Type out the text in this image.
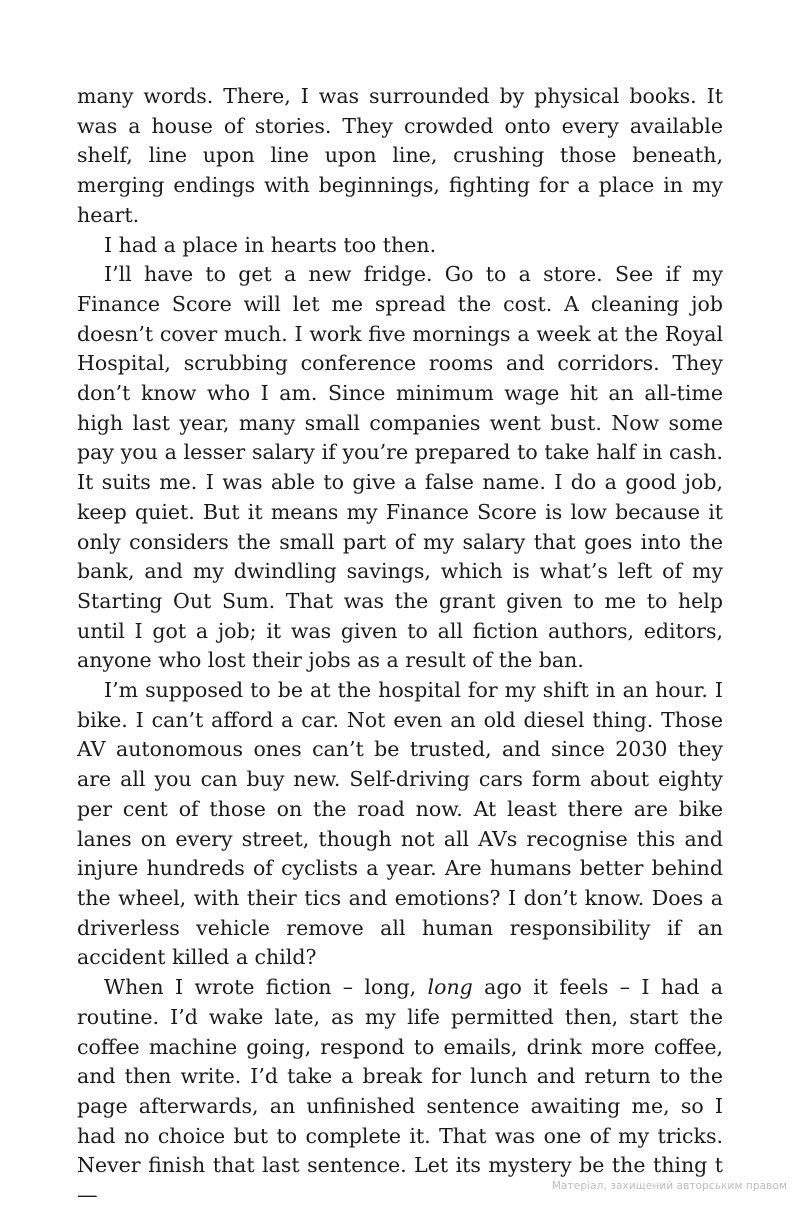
many words. There, I was surrounded by physical books. It was a house of stories. They crowded onto every available shelf, line upon line upon line, crushing those beneath, merging endings with beginnings, fighting for a place in my heart.

I had a place in hearts too then.

I’ll have to get a new fridge. Go to a store. See if my Finance Score will let me spread the cost. A cleaning job doesn’t cover much. I work five mornings a week at the Royal Hospital, scrubbing conference rooms and corridors. They don’t know who I am. Since minimum wage hit an all-time high last year, many small companies went bust. Now some pay you a lesser salary if you’re prepared to take half in cash. It suits me. I was able to give a false name. I do a good job, keep quiet. But it means my Finance Score is low because it only considers the small part of my salary that goes into the bank, and my dwindling savings, which is what’s left of my Starting Out Sum. That was the grant given to me to help until I got a job; it was given to all fiction authors, editors, anyone who lost their jobs as a result of the ban.

I’m supposed to be at the hospital for my shift in an hour. I bike. I can’t afford a car. Not even an old diesel thing. Those AV autonomous ones can’t be trusted, and since 2030 they are all you can buy new. Self-driving cars form about eighty per cent of those on the road now. At least there are bike lanes on every street, though not all AVs recognise this and injure hundreds of cyclists a year. Are humans better behind the wheel, with their tics and emotions? I don’t know. Does a driverless vehicle remove all human responsibility if an accident killed a child?

When I wrote fiction – long, long ago it feels – I had a routine. I’d wake late, as my life permitted then, start the coffee machine going, respond to emails, drink more coffee, and then write. I’d take a break for lunch and return to the page afterwards, an unfinished sentence awaiting me, so I had no choice but to complete it. That was one of my tricks. Never finish that last sentence. Let its mystery be the thing t—	Матеріал, захищений авторським правом
